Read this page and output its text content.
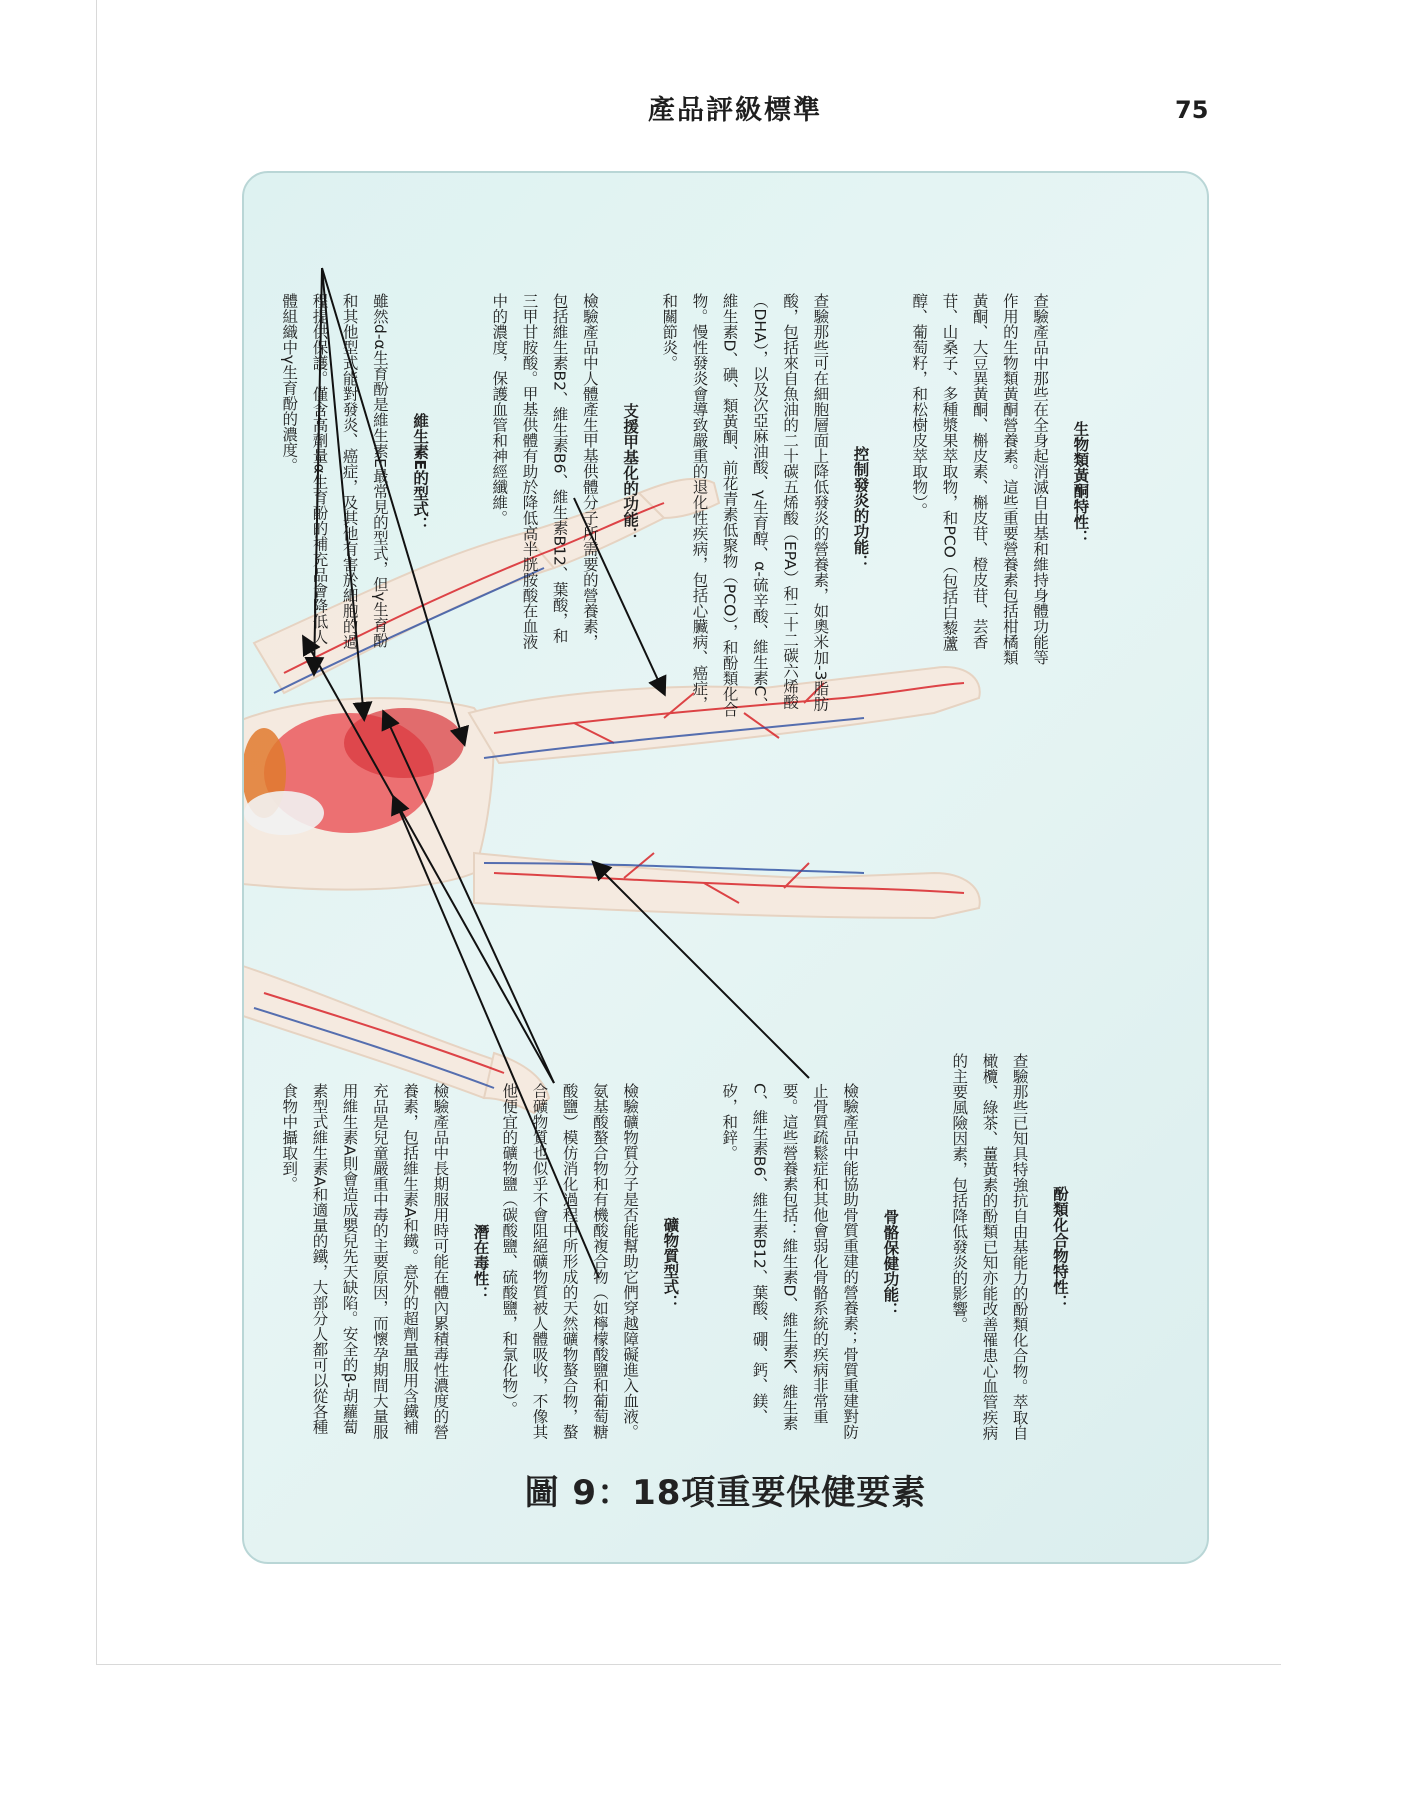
產品評級標準	75
維生素E的型式：
雖然d-α生育酚是維生素E最常見的型式，但γ生育酚和其他型式能對發炎、癌症，及其他有害於細胞的過程提供保護。僅含高劑量α生育酚的補充品會降低人體組織中γ生育酚的濃度。
支援甲基化的功能：
檢驗產品中人體產生甲基供體分子所需要的營養素，包括維生素B2、維生素B6、維生素B12、葉酸，和三甲甘胺酸。甲基供體有助於降低高半胱胺酸在血液中的濃度，保護血管和神經纖維。	控制發炎的功能：
查驗那些可在細胞層面上降低發炎的營養素，如奧米加-3脂肪酸，包括來自魚油的二十碳五烯酸（EPA）和二十二碳六烯酸（DHA），以及次亞麻油酸、γ生育醇、α-硫辛酸、維生素C、維生素D、碘、類黃酮、前花青素低聚物（PCO），和酚類化合物。慢性發炎會導致嚴重的退化性疾病，包括心臟病、癌症，和關節炎。
生物類黃酮特性：
查驗產品中那些在全身起消滅自由基和維持身體功能等作用的生物類黃酮營養素。這些重要營養素包括柑橘類黃酮、大豆異黃酮、槲皮素、槲皮苷、橙皮苷、芸香苷、山桑子、多種漿果萃取物，和PCO（包括白藜蘆醇、葡萄籽，和松樹皮萃取物）。
潛在毒性：
檢驗產品中長期服用時可能在體內累積毒性濃度的營養素，包括維生素A和鐵。意外的超劑量服用含鐵補充品是兒童嚴重中毒的主要原因，而懷孕期間大量服用維生素A則會造成嬰兒先天缺陷。安全的β-胡蘿蔔素型式維生素A和適量的鐵，大部分人都可以從各種食物中攝取到。
礦物質型式：
檢驗礦物質分子是否能幫助它們穿越障礙進入血液。氨基酸螯合物和有機酸複合物（如檸檬酸鹽和葡萄糖酸鹽）模仿消化過程中所形成的天然礦物螯合物，螯合礦物質也似乎不會阻絕礦物質被人體吸收，不像其他便宜的礦物鹽（碳酸鹽、硫酸鹽，和氯化物）。	骨骼保健功能：
檢驗產品中能協助骨質重建的營養素；骨質重建對防止骨質疏鬆症和其他會弱化骨骼系統的疾病非常重要。這些營養素包括：維生素D、維生素K、維生素C、維生素B6、維生素B12、葉酸、硼、鈣、鎂、矽，和鋅。
酚類化合物特性：
查驗那些已知具特強抗自由基能力的酚類化合物。萃取自橄欖、綠茶、薑黃素的酚類已知亦能改善罹患心血管疾病的主要風險因素，包括降低發炎的影響。
圖 9：18項重要保健要素
